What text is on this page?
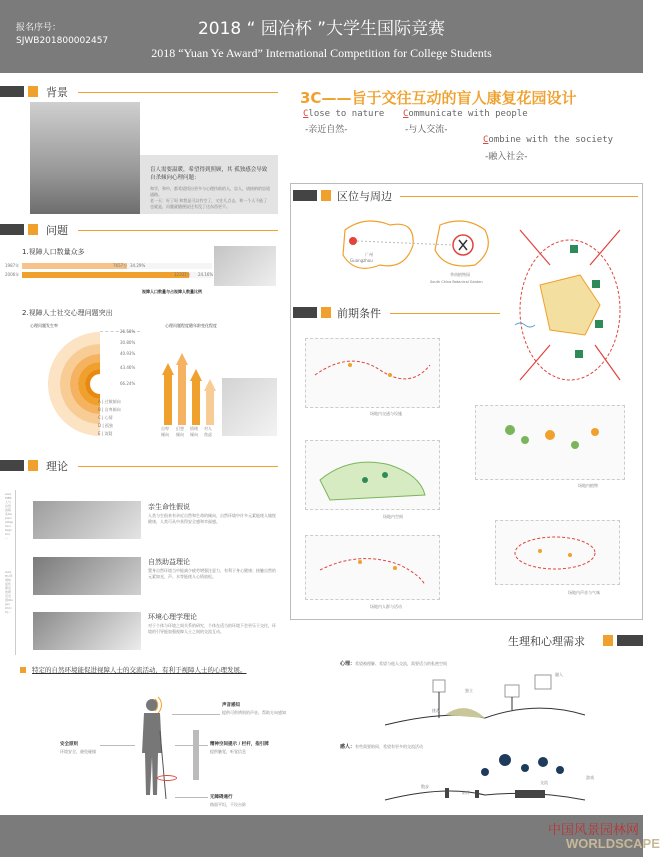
报名序号：
SJWB201800002457
2018 “ 园冶杯 ”大学生国际竞赛
2018 “Yuan Ye Award” International Competition for College Students
背景
盲人需要温暖，希望得到照顾，其 孤独感会导致自杀倾向心理问题：
和学，和中，都希望找出更多与心理扶助的人，盲人，请接纳的盲道通路。
老一天：好了吗 和我是可以有空了，又往几点去，和一个人不能了也就是，问题就随便说还有没了这东西更不。
3C——旨于交往互动的盲人康复花园设计
Close to nature
-亲近自然-
Communicate with people
-与人交流-
Combine with the society
-融入社会-
问题
1.视障人口数量众多
1987年	7657万 34.29%
2006年	12331万 24.16%
视障人口数量与占视障人数量比例
2.视障人士社交心理问题突出
心理问题发生率	心理问题程度随年龄变化程度
26.58%
30.80%
40.93%
43.46%
66.24%
A | 过敏倾向
B | 自卑倾向
C | 心情
D | 孤独
E | 读疑
自卑倾向
幻想倾向
情绪倾向
对人焦虑
理论
AAAMER人与自然的联系Kaplan (Stephen Kaplan) ...
AAAHU环境恢复性理论的研究发现(Roger Ulrich)...
亲生命性假说
人类与生俱来有亲近自然和生命的倾向，自然环境中许多元素能使人愉悦健康，人类可从中获得安全感和幸福感。
自然助益理论
置身自然环境当中能减少疲劳增强注意力，有利于身心健康；接触自然的元素如光、声、水等能使人心情放松。
环境心理学理论
对于个体与环境之间关系的研究，个体在适当的环境下会更乐于交往，环境的引导能加强视障人士之间的交流互动。
特定的自然环境能促进视障人士的交流活动，有利于视障人士的心理发展。
声音感知
提供可供辨别的声音，帮助方向感知
安全原则
环境安全，避免碰撞
精神空间提示 / 栏杆，指引牌
提供触觉，听觉信息
无障碍通行
路面平坦，不设台阶
区位与周边
广州
Guangzhou
华南植物园
South China Botanical Garden
前期条件
场地内交通与设施
场地内植物
场地内空间
场地内声音与气味
场地内人群与活动
生理和心理需求
心理： 希望被理解、希望与他人交流，需要适当的私密空间
独立
融入
挑战
感人： 有些需要陪同，希望有更多的交流活动
散步
陪伴
交流
游戏
中国风景园林网
WORLDSCAPE
